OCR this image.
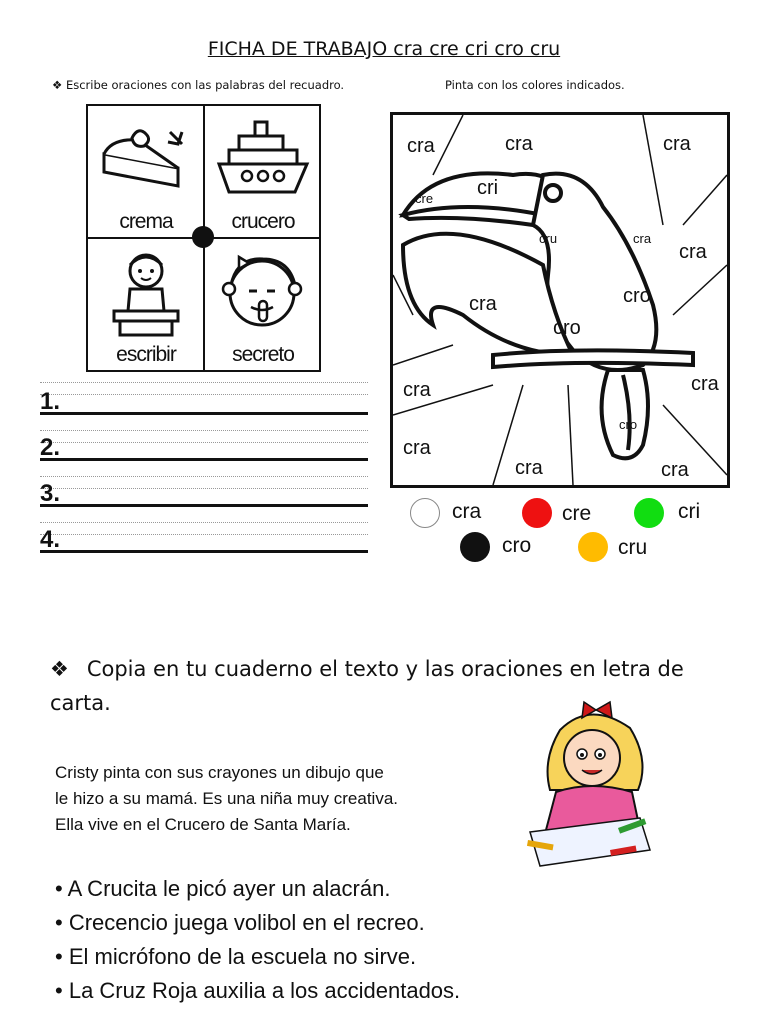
FICHA DE TRABAJO cra cre cri cro cru
❖ Escribe oraciones con las palabras del recuadro.	Pinta con los colores indicados.
crema	crucero
escribir	secreto
1.
2.
3.
4.
cra	cra	cra
cre cri
cru	cra
cra
cra	cro
cro
cra	cra
cro
cra
cra	cra
cra	cre	cri
cro	cru
❖ Copia en tu cuaderno el texto y las oraciones en letra de carta.
Cristy pinta con sus crayones un dibujo que
le hizo a su mamá. Es una niña muy creativa.
Ella vive en el Crucero de Santa María.
• A Crucita le picó ayer un alacrán.
• Crecencio juega volibol en el recreo.
• El micrófono de la escuela no sirve.
• La Cruz Roja auxilia a los accidentados.
